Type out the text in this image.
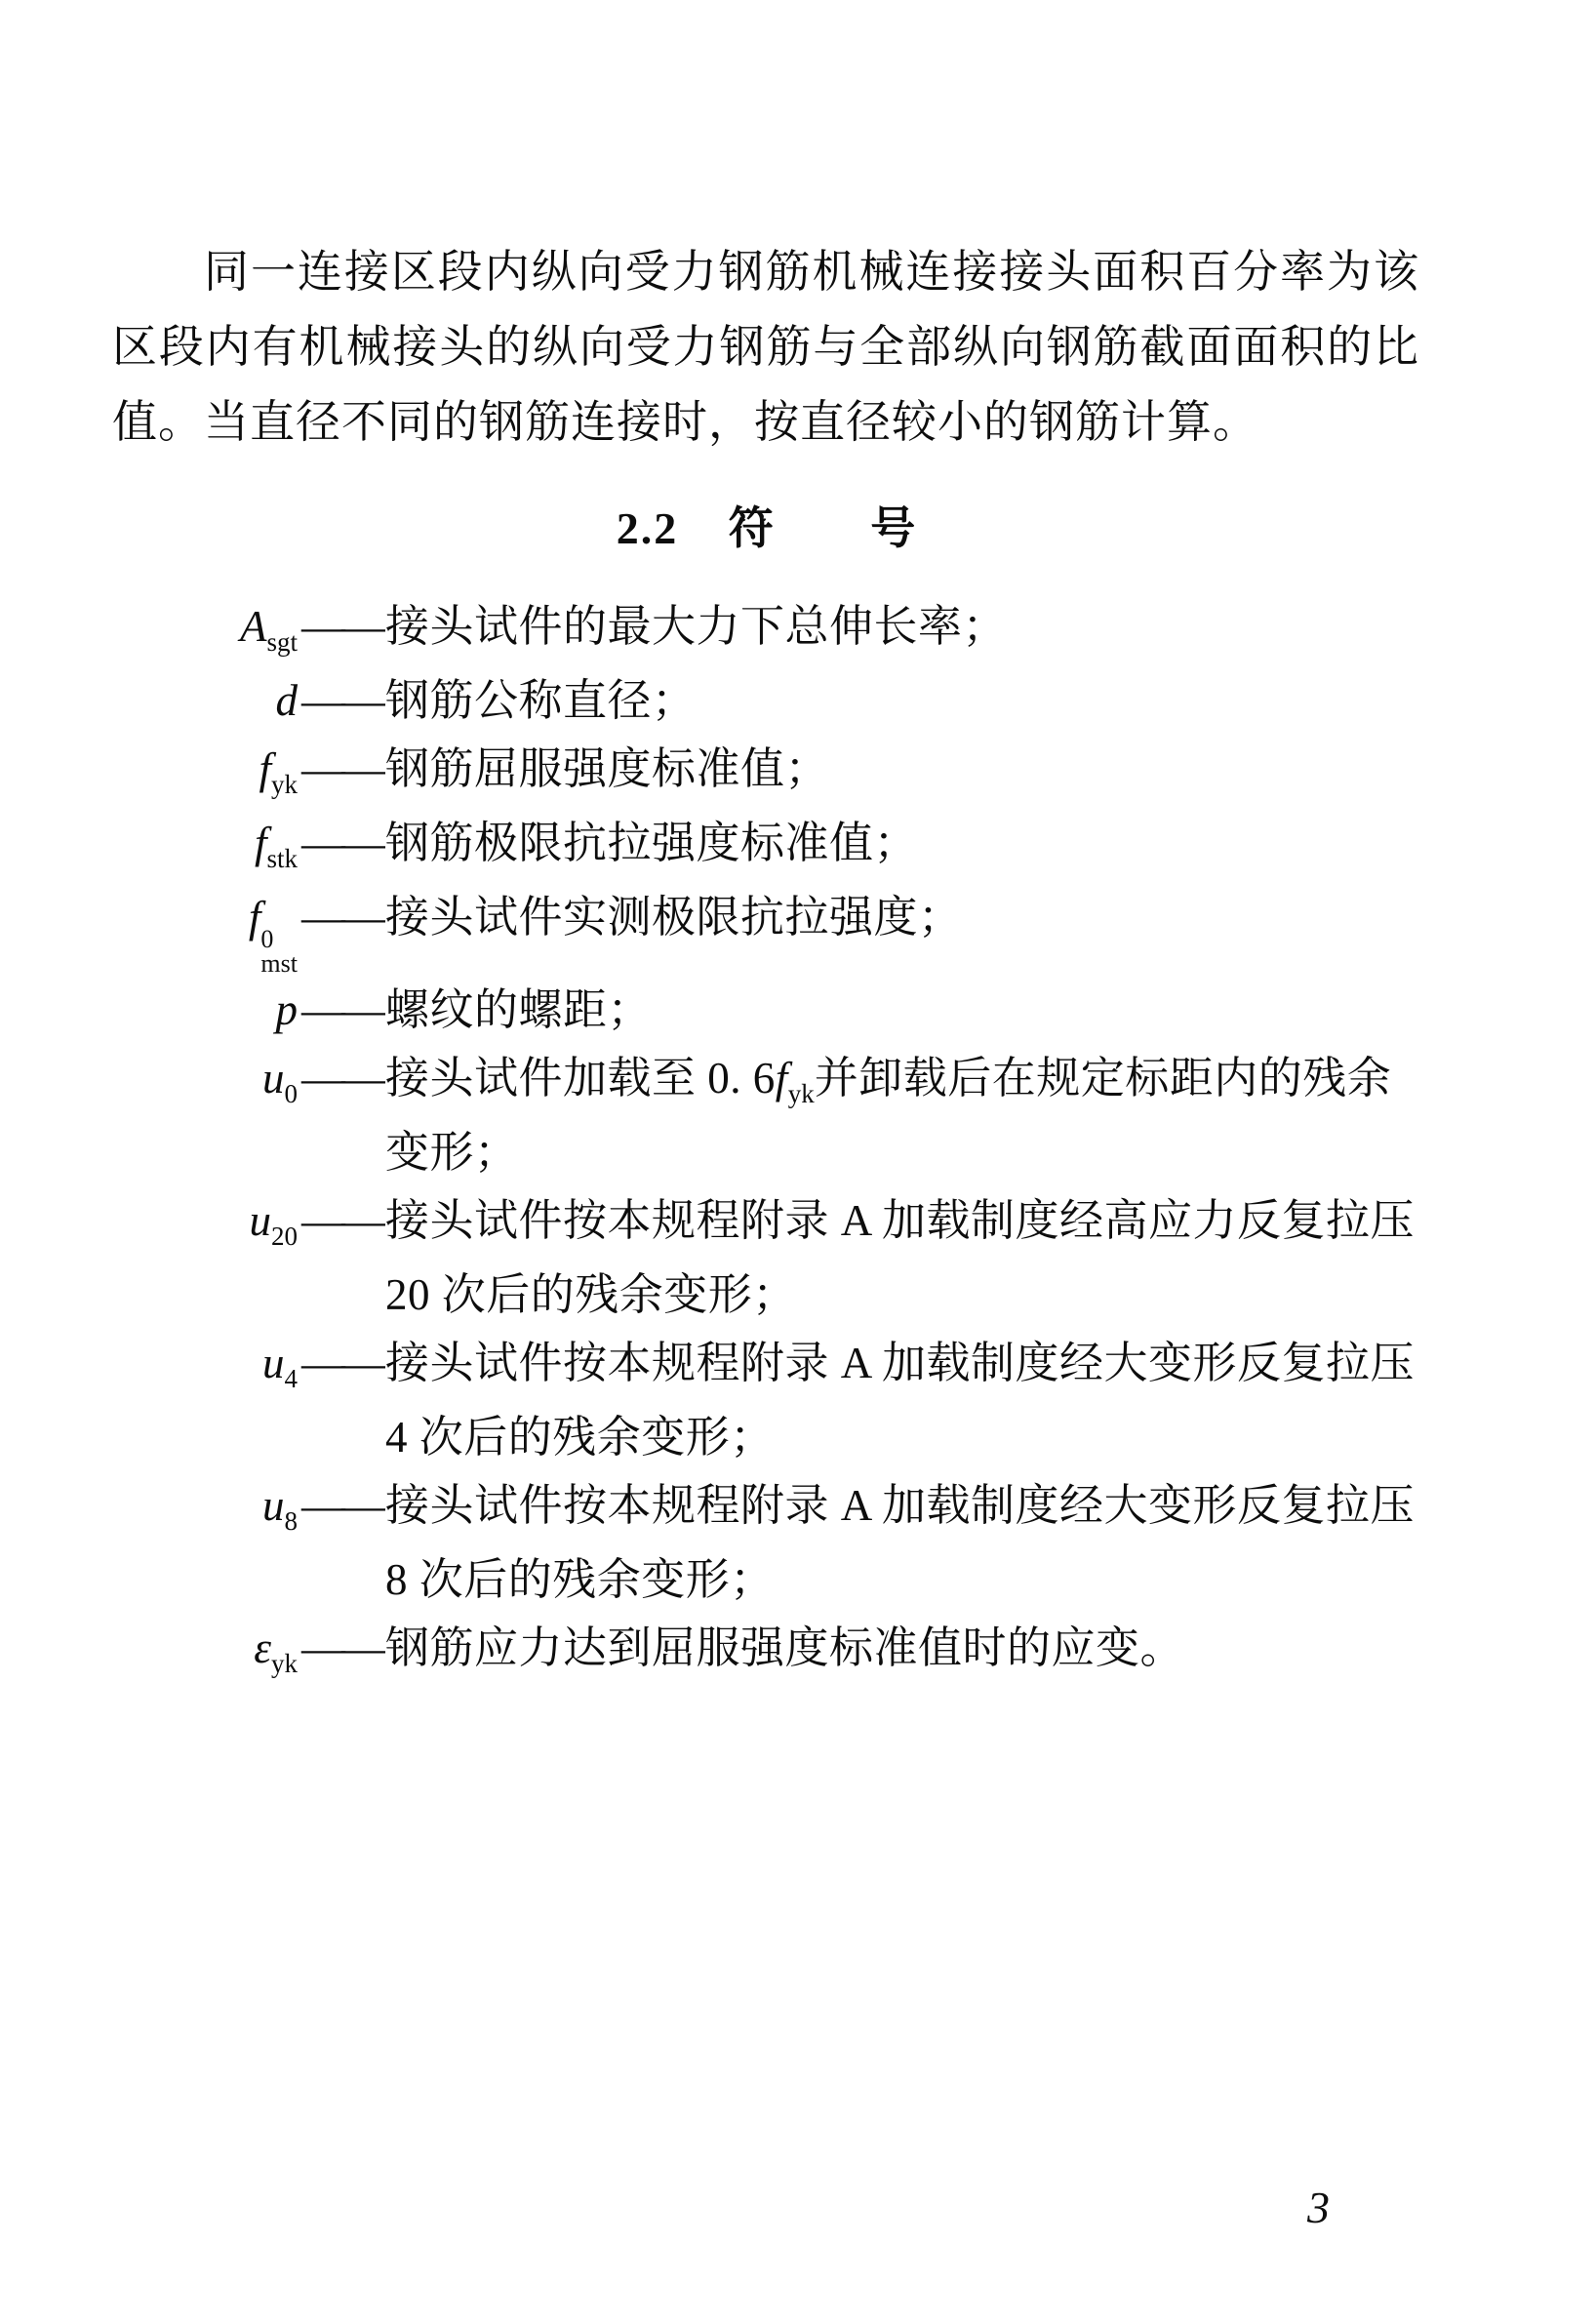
同一连接区段内纵向受力钢筋机械连接接头面积百分率为该
区段内有机械接头的纵向受力钢筋与全部纵向钢筋截面面积的比
值。当直径不同的钢筋连接时，按直径较小的钢筋计算。
2.2 符 号
$A_{sgt}$ —— 接头试件的最大力下总伸长率；
d —— 钢筋公称直径；
$f_{yk}$ —— 钢筋屈服强度标准值；
$f_{stk}$ —— 钢筋极限抗拉强度标准值；
f 0
mst
—— 接头试件实测极限抗拉强度；
p —— 螺纹的螺距；
$u_0$ —— 接头试件加载至 0. $6f_{yk}$并卸载后在规定标距内的残余
变形；
$u_{20}$ —— 接头试件按本规程附录 A 加载制度经高应力反复拉压
20 次后的残余变形；
$u_4$ —— 接头试件按本规程附录 A 加载制度经大变形反复拉压
4 次后的残余变形；
$u_8$ —— 接头试件按本规程附录 A 加载制度经大变形反复拉压
8 次后的残余变形；
$\varepsilon_{yk}$ —— 钢筋应力达到屈服强度标准值时的应变。
3
